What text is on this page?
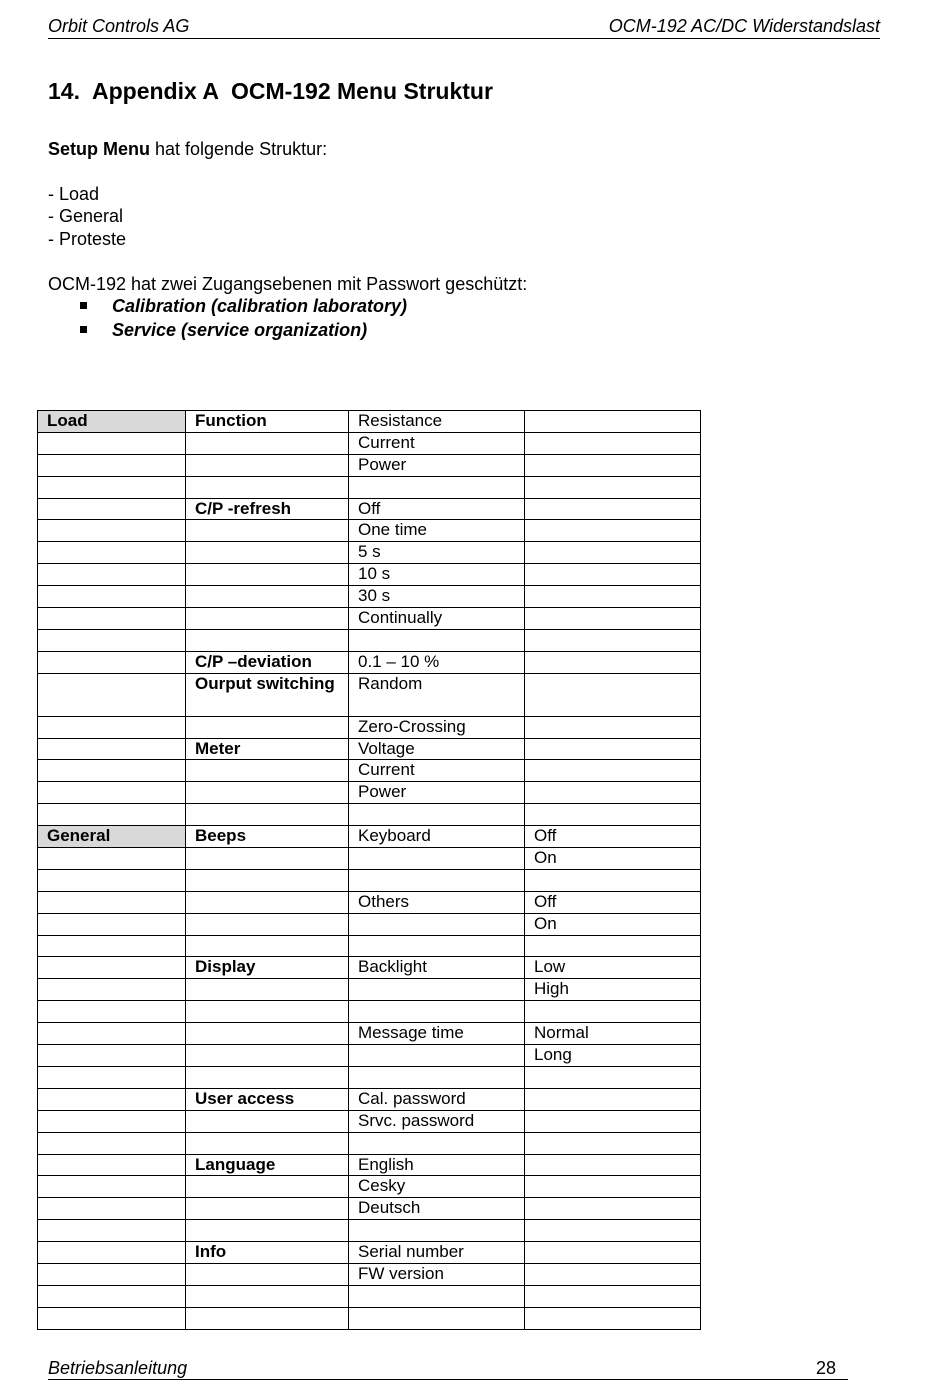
Orbit Controls AG	OCM-192 AC/DC Widerstandslast
14. Appendix A OCM-192 Menu Struktur
Setup Menu hat folgende Struktur:
- Load
- General
- Proteste
OCM-192 hat zwei Zugangsebenen mit Passwort geschützt:
Calibration (calibration laboratory)
Service (service organization)
Load	Function	Resistance	
		Current	
		Power	

	C/P -refresh	Off	
		One time	
		5 s	
		10 s	
		30 s	
		Continually	

	C/P –deviation	0.1 – 10 %	
	Ourput switching	Random	
		Zero-Crossing	
	Meter	Voltage	
		Current	
		Power	

General	Beeps	Keyboard	Off
			On

		Others	Off
			On

	Display	Backlight	Low
			High

		Message time	Normal
			Long

	User access	Cal. password	
		Srvc. password	

	Language	English	
		Cesky	
		Deutsch	

	Info	Serial number	
		FW version	

Betriebsanleitung	28
